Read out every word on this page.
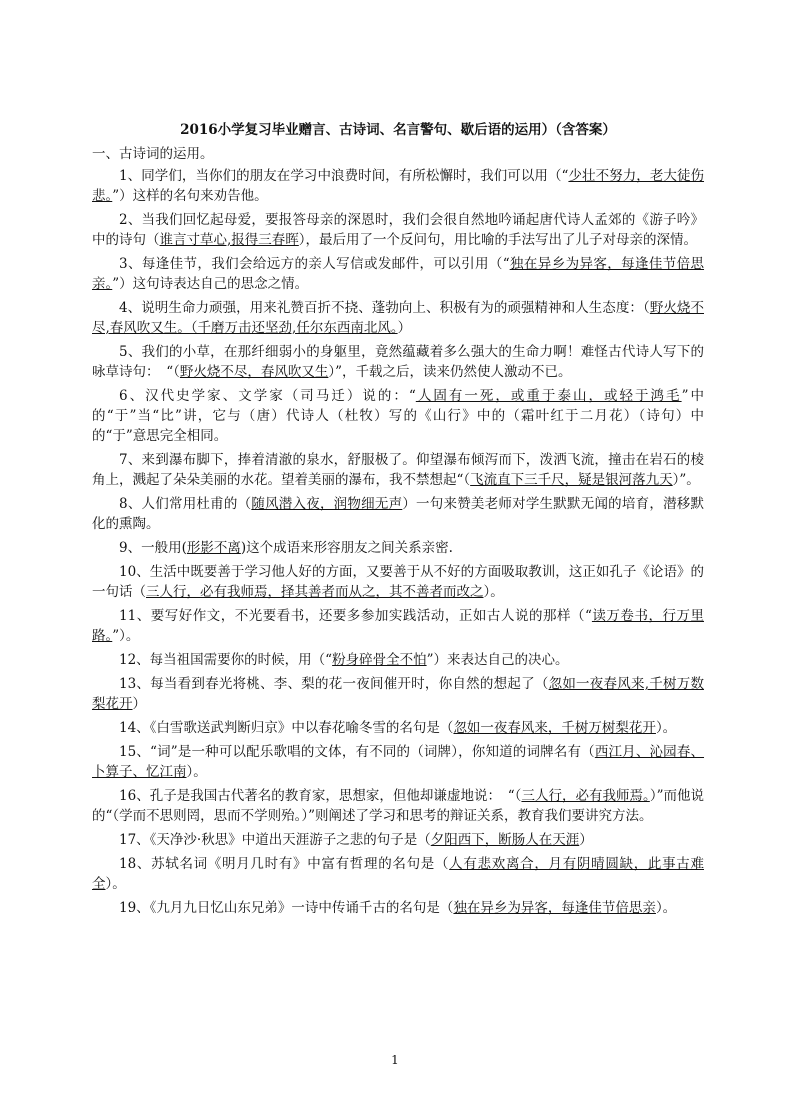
2016小学复习毕业赠言、古诗词、名言警句、歇后语的运用）（含答案）
一、古诗词的运用。

1、同学们，当你们的朋友在学习中浪费时间，有所松懈时，我们可以用（“少壮不努力，老大徒伤悲。”）这样的名句来劝告他。

2、当我们回忆起母爱，要报答母亲的深恩时，我们会很自然地吟诵起唐代诗人孟郊的《游子吟》中的诗句（谁言寸草心,报得三春晖），最后用了一个反问句，用比喻的手法写出了儿子对母亲的深情。

3、每逢佳节，我们会给远方的亲人写信或发邮件，可以引用（“独在异乡为异客，每逢佳节倍思亲。”）这句诗表达自己的思念之情。

4、说明生命力顽强，用来礼赞百折不挠、蓬勃向上、积极有为的顽强精神和人生态度：（野火烧不尽,春风吹又生。（千磨万击还坚劲,任尔东西南北风。）

5、我们的小草，在那纤细弱小的身躯里，竟然蕴藏着多么强大的生命力啊！难怪古代诗人写下的咏草诗句：　“（野火烧不尽，春风吹又生）”，千载之后，读来仍然使人激动不已。

6、汉代史学家、文学家（司马迁）说的：“人固有一死，或重于泰山，或轻于鸿毛”中的“于”当“比”讲，它与（唐）代诗人（杜牧）写的《山行》中的（霜叶红于二月花）（诗句）中的“于”意思完全相同。

7、来到瀑布脚下，捧着清澈的泉水，舒服极了。仰望瀑布倾泻而下，泼洒飞流，撞击在岩石的棱角上，溅起了朵朵美丽的水花。望着美丽的瀑布，我不禁想起“（飞流直下三千尺，疑是银河落九天）”。

8、人们常用杜甫的（随风潜入夜，润物细无声）一句来赞美老师对学生默默无闻的培育，潜移默化的熏陶。

9、一般用(形影不离)这个成语来形容朋友之间关系亲密.

10、生活中既要善于学习他人好的方面，又要善于从不好的方面吸取教训，这正如孔子《论语》的一句话（三人行，必有我师焉，择其善者而从之，其不善者而改之）。

11、要写好作文，不光要看书，还要多参加实践活动，正如古人说的那样（“读万卷书，行万里路。”）。

12、每当祖国需要你的时候，用（“粉身碎骨全不怕”）来表达自己的决心。

13、每当看到春光将桃、李、梨的花一夜间催开时，你自然的想起了（忽如一夜春风来,千树万数梨花开）

14、《白雪歌送武判断归京》中以春花喻冬雪的名句是（忽如一夜春风来，千树万树梨花开）。

15、“词”是一种可以配乐歌唱的文体，有不同的（词牌），你知道的词牌名有（西江月、沁园春、卜算子、忆江南）。

16、孔子是我国古代著名的教育家，思想家，但他却谦虚地说：　“（三人行，必有我师焉。）”而他说的“（学而不思则罔，思而不学则殆。）”则阐述了学习和思考的辩证关系，教育我们要讲究方法。

17、《天净沙·秋思》中道出天涯游子之悲的句子是（夕阳西下，断肠人在天涯）

18、苏轼名词《明月几时有》中富有哲理的名句是（人有悲欢离合，月有阴晴圆缺，此事古难全）。

19、《九月九日忆山东兄弟》一诗中传诵千古的名句是（独在异乡为异客，每逢佳节倍思亲）。

1
